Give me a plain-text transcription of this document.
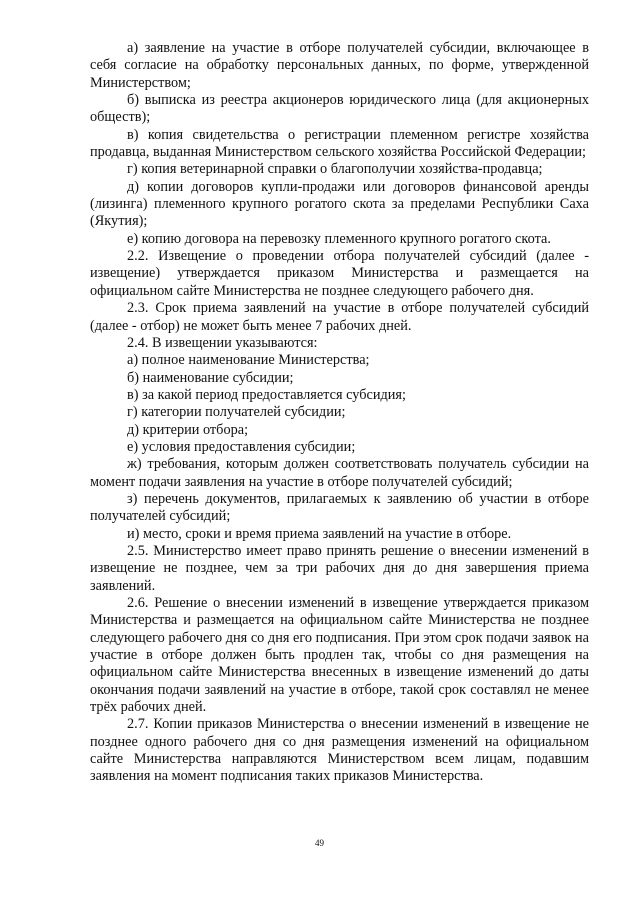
а) заявление на участие в отборе получателей субсидии, включающее в себя согласие на обработку персональных данных, по форме, утвержденной Министерством;

б) выписка из реестра акционеров юридического лица (для акционерных обществ);

в) копия свидетельства о регистрации племенном регистре хозяйства продавца, выданная Министерством сельского хозяйства Российской Федерации;

г) копия ветеринарной справки о благополучии хозяйства-продавца;

д) копии договоров купли-продажи или договоров финансовой аренды (лизинга) племенного крупного рогатого скота за пределами Республики Саха (Якутия);

е) копию договора на перевозку племенного крупного рогатого скота.

2.2. Извещение о проведении отбора получателей субсидий (далее - извещение) утверждается приказом Министерства и размещается на официальном сайте Министерства не позднее следующего рабочего дня.

2.3. Срок приема заявлений на участие в отборе получателей субсидий (далее - отбор) не может быть менее 7 рабочих дней.

2.4. В извещении указываются:

а) полное наименование Министерства;

б) наименование субсидии;

в) за какой период предоставляется субсидия;

г) категории получателей субсидии;

д) критерии отбора;

е) условия предоставления субсидии;

ж) требования, которым должен соответствовать получатель субсидии на момент подачи заявления на участие в отборе получателей субсидий;

з) перечень документов, прилагаемых к заявлению об участии в отборе получателей субсидий;

и) место, сроки и время приема заявлений на участие в отборе.

2.5. Министерство имеет право принять решение о внесении изменений в извещение не позднее, чем за три рабочих дня до дня завершения приема заявлений.

2.6. Решение о внесении изменений в извещение утверждается приказом Министерства и размещается на официальном сайте Министерства не позднее следующего рабочего дня со дня его подписания. При этом срок подачи заявок на участие в отборе должен быть продлен так, чтобы со дня размещения на официальном сайте Министерства внесенных в извещение изменений до даты окончания подачи заявлений на участие в отборе, такой срок составлял не менее трёх рабочих дней.

2.7. Копии приказов Министерства о внесении изменений в извещение не позднее одного рабочего дня со дня размещения изменений на официальном сайте Министерства направляются Министерством всем лицам, подавшим заявления на момент подписания таких приказов Министерства.

49
